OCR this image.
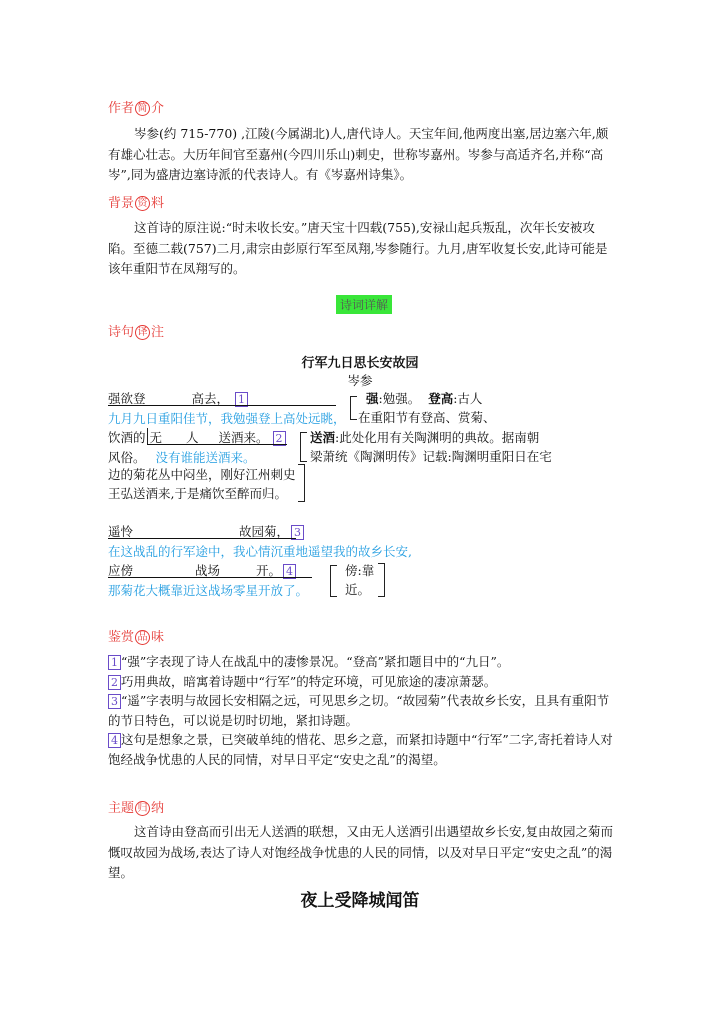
作者 简 介
岑参(约 715-770) ,江陵(今属湖北)人,唐代诗人。天宝年间,他两度出塞,居边塞六年,颇有雄心壮志。大历年间官至嘉州(今四川乐山)刺史，世称岑嘉州。岑参与高适齐名,并称“高岑”,同为盛唐边塞诗派的代表诗人。有《岑嘉州诗集》。
背景 资 料
这首诗的原注说:“时未收长安。”唐天宝十四载(755),安禄山起兵叛乱，次年长安被攻陷。至德二载(757)二月,肃宗由彭原行军至凤翔,岑参随行。九月,唐军收复长安,此诗可能是该年重阳节在凤翔写的。
诗词详解
诗句 译 注
行军九日思长安故园
岑参
强欲登	高去， 1
九月九日重阳佳节，我勉强登上高处远眺，
强:勉强。 登高:古人
在重阳节有登高、赏菊、
饮酒的 无 人 送酒来。 2
风俗。 没有谁能送酒来。
送酒:此处化用有关陶渊明的典故。据南朝
梁萧统《陶渊明传》记载:陶渊明重阳日在宅
边的菊花丛中闷坐，刚好江州刺史
王弘送酒来,于是痛饮至醉而归。
遥怜	故园菊， 3
在这战乱的行军途中，我心情沉重地遥望我的故乡长安,
应傍	战场	开。 4
那菊花大概靠近这战场零星开放了。
傍:靠
近。
鉴赏 品 味

1 “强”字表现了诗人在战乱中的凄惨景况。“登高”紧扣题目中的“九日”。

2 巧用典故，暗寓着诗题中“行军”的特定环境，可见旅途的凄凉萧瑟。

3 “遥”字表明与故园长安相隔之远，可见思乡之切。“故园菊”代表故乡长安，且具有重阳节的节日特色，可以说是切时切地，紧扣诗题。

4 这句是想象之景，已突破单纯的惜花、思乡之意，而紧扣诗题中“行军”二字,寄托着诗人对饱经战争忧患的人民的同情，对早日平定“安史之乱”的渴望。

主题 归 纳
这首诗由登高而引出无人送酒的联想，又由无人送酒引出遇望故乡长安,复由故园之菊而慨叹故园为战场,表达了诗人对饱经战争忧患的人民的同情，以及对早日平定“安史之乱”的渴望。
夜上受降城闻笛
